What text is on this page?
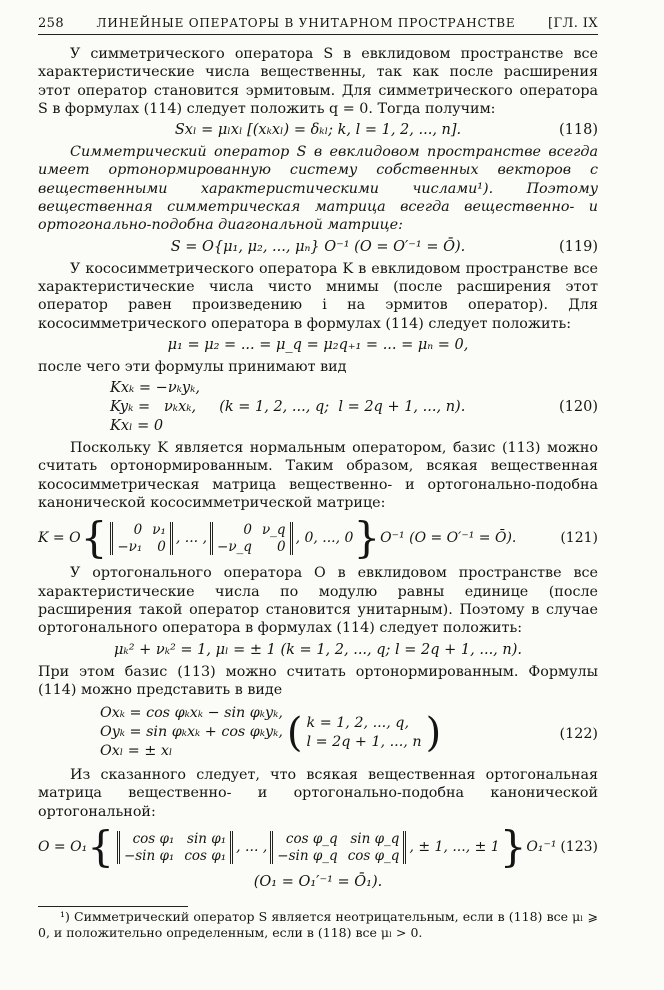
258	ЛИНЕЙНЫЕ ОПЕРАТОРЫ В УНИТАРНОМ ПРОСТРАНСТВЕ	[ГЛ. IX

У симметрического оператора S в евклидовом пространстве все характеристические числа вещественны, так как после расширения этот оператор становится эрмитовым. Для симметрического оператора S в формулах (114) следует положить q = 0. Тогда получим:

Sxₗ = μₗxₗ [(xₖxₗ) = δₖₗ; k, l = 1, 2, ..., n].	(118)

Симметрический оператор S в евклидовом пространстве всегда имеет ортонормированную систему собственных векторов с вещественными характеристическими числами¹). Поэтому вещественная симметрическая матрица всегда вещественно- и ортогонально-подобна диагональной матрице:

S = O{μ₁, μ₂, ..., μₙ} O⁻¹ (O = O′⁻¹ = Ō).	(119)

У кососимметрического оператора K в евклидовом пространстве все характеристические числа чисто мнимы (после расширения этот оператор равен произведению i на эрмитов оператор). Для кососимметрического оператора в формулах (114) следует положить:

μ₁ = μ₂ = ... = μ_q = μ₂q₊₁ = ... = μₙ = 0,

после чего эти формулы принимают вид

Kxₖ = −νₖyₖ,
Kyₖ =   νₖxₖ,     (k = 1, 2, ..., q;  l = 2q + 1, ..., n).
Kxₗ = 0
(120)

Поскольку K является нормальным оператором, базис (113) можно считать ортонормированным. Таким образом, всякая вещественная кососимметрическая матрица вещественно- и ортогонально-подобна канонической кососимметрической матрице:

K = O {	0 ν₁
−ν₁	0
, ... ,
0 ν_q
−ν_q	0
, 0, ..., 0 } O⁻¹ (O = O′⁻¹ = Ō).	(121)

У ортогонального оператора O в евклидовом пространстве все характеристические числа по модулю равны единице (после расширения такой оператор становится унитарным). Поэтому в случае ортогонального оператора в формулах (114) следует положить:

μₖ² + νₖ² = 1, μₗ = ± 1 (k = 1, 2, ..., q; l = 2q + 1, ..., n).

При этом базис (113) можно считать ортонормированным. Формулы (114) можно представить в виде

Oxₖ = cos φₖxₖ − sin φₖyₖ,
Oyₖ = sin φₖxₖ + cos φₖyₖ,
Oxₗ = ± xₗ	( k = 1, 2, ..., q,
l = 2q + 1, ..., n )	(122)

Из сказанного следует, что всякая вещественная ортогональная матрица вещественно- и ортогонально-подобна канонической ортогональной:

O = O₁ {	cos φ₁ sin φ₁
−sin φ₁ cos φ₁
, ... ,
cos φ_q sin φ_q
−sin φ_q cos φ_q
, ± 1, ..., ± 1 } O₁⁻¹ (123)
(O₁ = O₁′⁻¹ = Ō₁).

¹) Симметрический оператор S является неотрицательным, если в (118) все μₗ ⩾ 0, и положительно определенным, если в (118) все μₗ > 0.
